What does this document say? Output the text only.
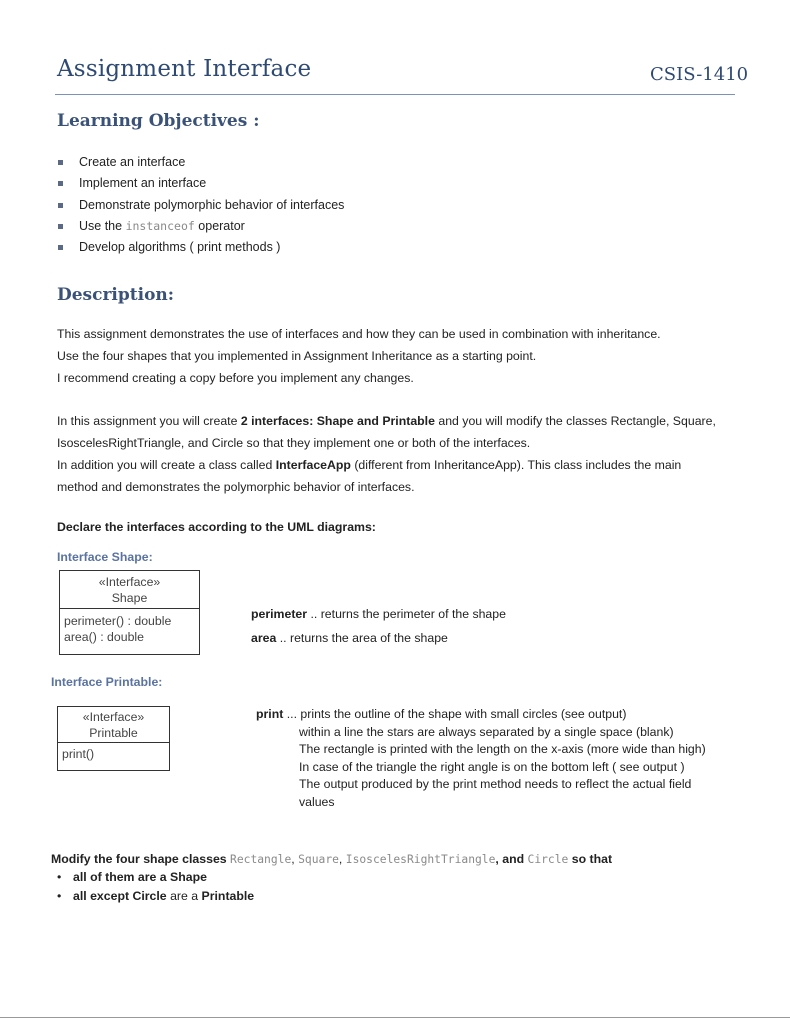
Assignment Interface	CSIS-1410
Learning Objectives :
Create an interface
Implement an interface
Demonstrate polymorphic behavior of interfaces
Use the instanceof operator
Develop algorithms ( print methods )
Description:
This assignment demonstrates the use of interfaces and how they can be used in combination with inheritance.
Use the four shapes that you implemented in Assignment Inheritance as a starting point.
I recommend creating a copy before you implement any changes.
In this assignment you will create 2 interfaces: Shape and Printable and you will modify the classes Rectangle, Square,
IsoscelesRightTriangle, and Circle so that they implement one or both of the interfaces.
In addition you will create a class called InterfaceApp (different from InheritanceApp). This class includes the main
method and demonstrates the polymorphic behavior of interfaces.
Declare the interfaces according to the UML diagrams:
Interface Shape:
«Interface»
Shape
perimeter() : double
area() : double
perimeter .. returns the perimeter of the shape
area .. returns the area of the shape
Interface Printable:
«Interface»
Printable
print()
print ... prints the outline of the shape with small circles (see output)
within a line the stars are always separated by a single space (blank)
The rectangle is printed with the length on the x-axis (more wide than high)
In case of the triangle the right angle is on the bottom left ( see output )
The output produced by the print method needs to reflect the actual field
values
Modify the four shape classes Rectangle, Square, IsoscelesRightTriangle, and Circle so that
• all of them are a Shape
• all except Circle are a Printable
